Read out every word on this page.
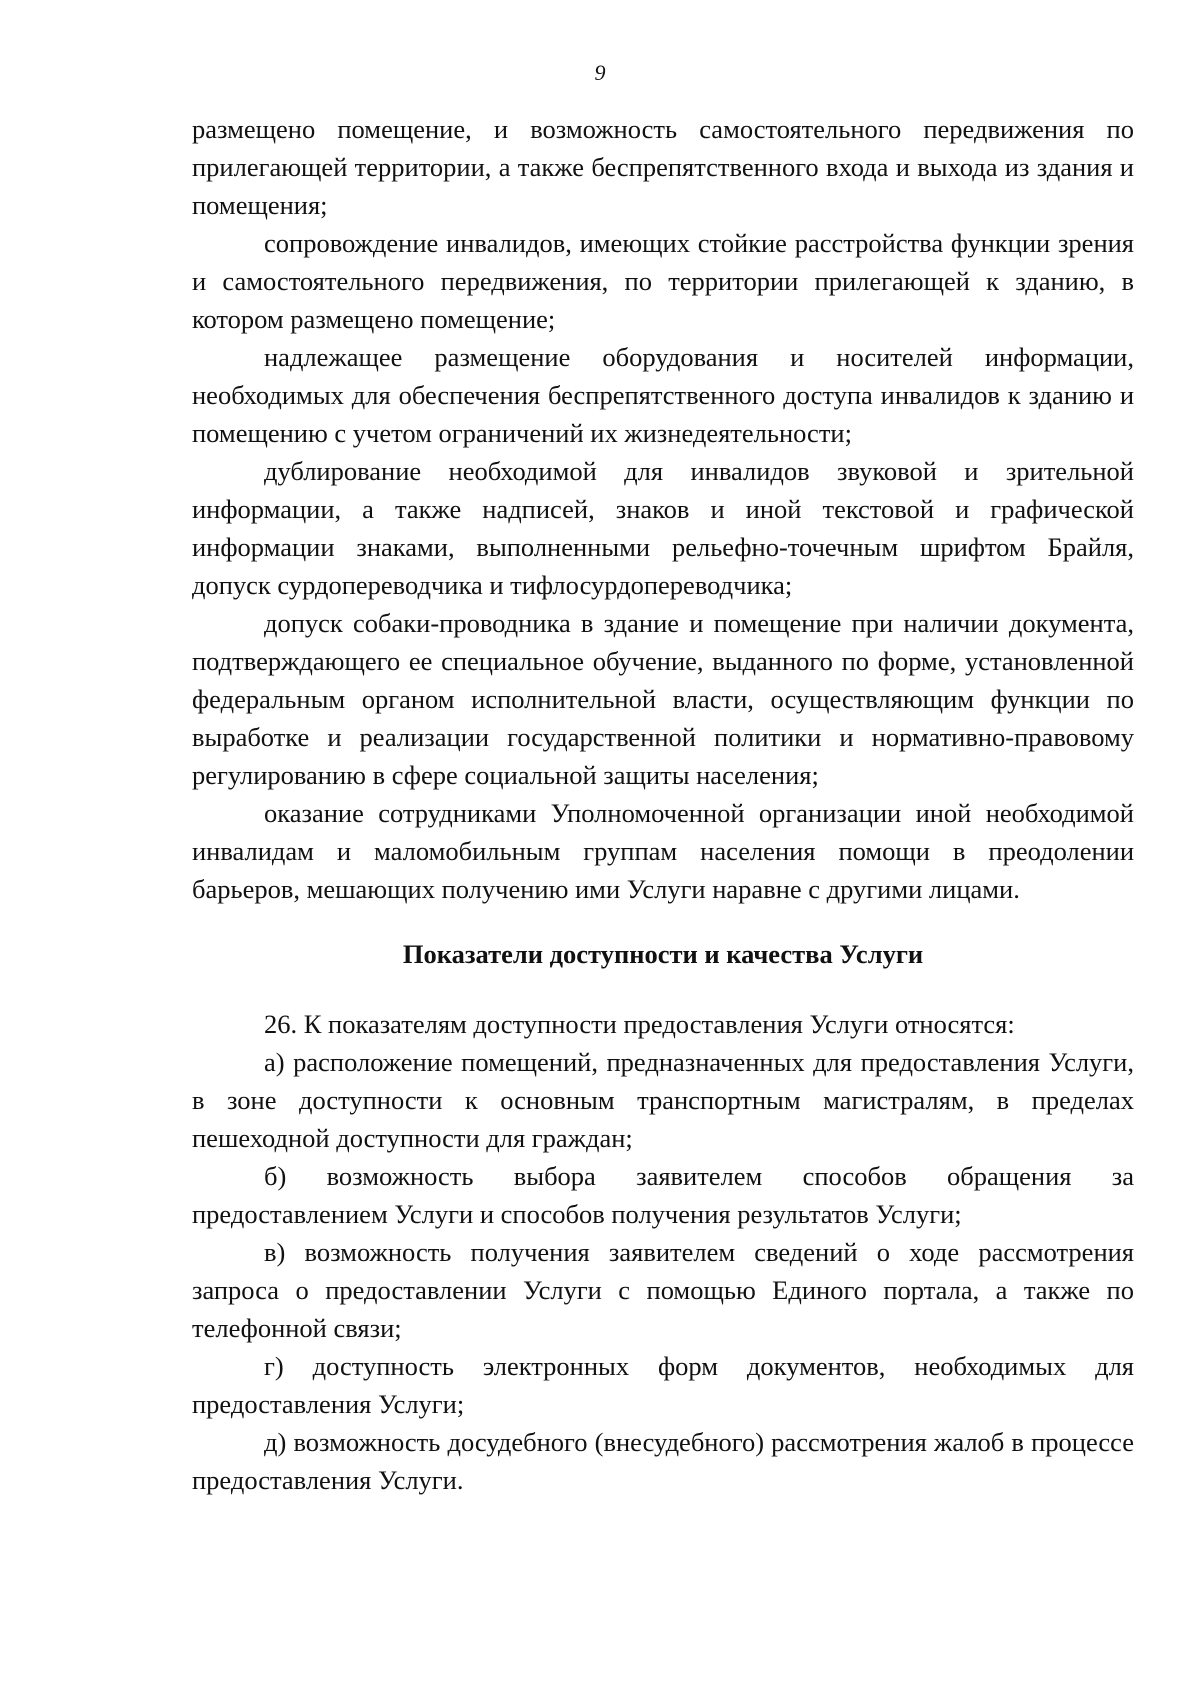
9

размещено помещение, и возможность самостоятельного передвижения по прилегающей территории, а также беспрепятственного входа и выхода из здания и помещения;

сопровождение инвалидов, имеющих стойкие расстройства функции зрения и самостоятельного передвижения, по территории прилегающей к зданию, в котором размещено помещение;

надлежащее размещение оборудования и носителей информации, необходимых для обеспечения беспрепятственного доступа инвалидов к зданию и помещению с учетом ограничений их жизнедеятельности;

дублирование необходимой для инвалидов звуковой и зрительной информации, а также надписей, знаков и иной текстовой и графической информации знаками, выполненными рельефно-точечным шрифтом Брайля, допуск сурдопереводчика и тифлосурдопереводчика;

допуск собаки-проводника в здание и помещение при наличии документа, подтверждающего ее специальное обучение, выданного по форме, установленной федеральным органом исполнительной власти, осуществляющим функции по выработке и реализации государственной политики и нормативно-правовому регулированию в сфере социальной защиты населения;

оказание сотрудниками Уполномоченной организации иной необходимой инвалидам и маломобильным группам населения помощи в преодолении барьеров, мешающих получению ими Услуги наравне с другими лицами.

Показатели доступности и качества Услуги

26. К показателям доступности предоставления Услуги относятся:

а) расположение помещений, предназначенных для предоставления Услуги, в зоне доступности к основным транспортным магистралям, в пределах пешеходной доступности для граждан;

б) возможность выбора заявителем способов обращения за предоставлением Услуги и способов получения результатов Услуги;

в) возможность получения заявителем сведений о ходе рассмотрения запроса о предоставлении Услуги с помощью Единого портала, а также по телефонной связи;

г) доступность электронных форм документов, необходимых для предоставления Услуги;

д) возможность досудебного (внесудебного) рассмотрения жалоб в процессе предоставления Услуги.
